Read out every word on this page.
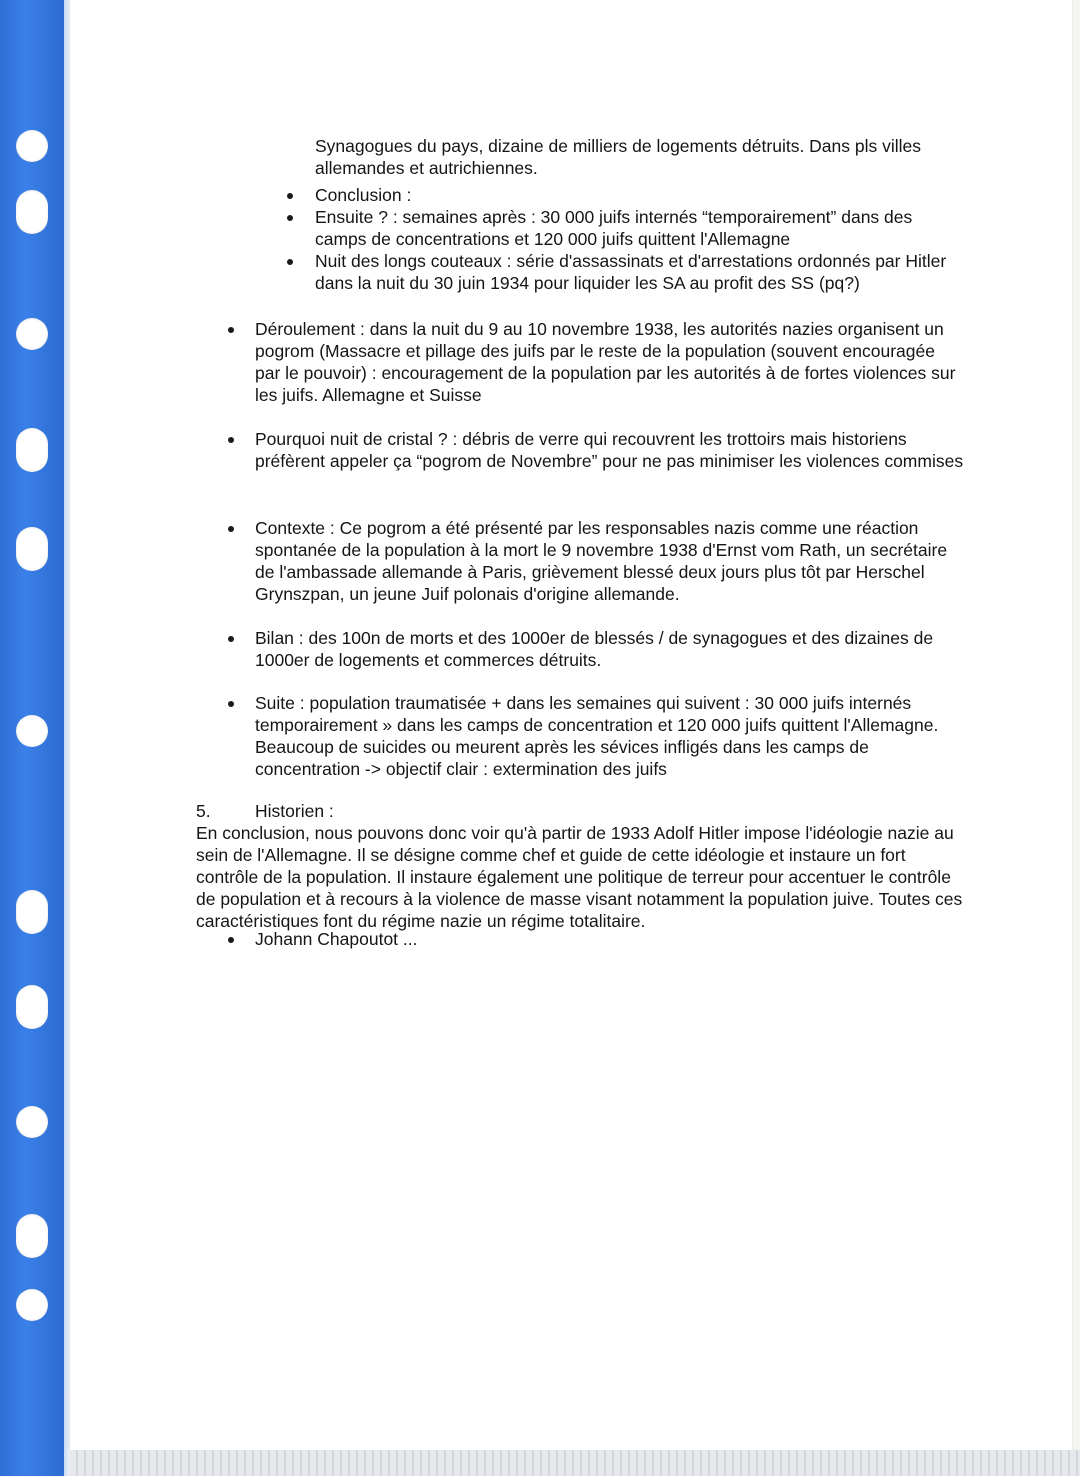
Synagogues du pays, dizaine de milliers de logements détruits. Dans pls villes allemandes et autrichiennes.
Conclusion :
Ensuite ? : semaines après : 30 000 juifs internés “temporairement” dans des camps de concentrations et 120 000 juifs quittent l'Allemagne
Nuit des longs couteaux : série d'assassinats et d'arrestations ordonnés par Hitler dans la nuit du 30 juin 1934 pour liquider les SA au profit des SS (pq?)
Déroulement : dans la nuit du 9 au 10 novembre 1938, les autorités nazies organisent un pogrom (Massacre et pillage des juifs par le reste de la population (souvent encouragée par le pouvoir) : encouragement de la population par les autorités à de fortes violences sur les juifs. Allemagne et Suisse
Pourquoi nuit de cristal ? : débris de verre qui recouvrent les trottoirs mais historiens préfèrent appeler ça “pogrom de Novembre” pour ne pas minimiser les violences commises
Contexte : Ce pogrom a été présenté par les responsables nazis comme une réaction spontanée de la population à la mort le 9 novembre 1938 d'Ernst vom Rath, un secrétaire de l'ambassade allemande à Paris, grièvement blessé deux jours plus tôt par Herschel Grynszpan, un jeune Juif polonais d'origine allemande.
Bilan : des 100n de morts et des 1000er de blessés / de synagogues et des dizaines de 1000er de logements et commerces détruits.
Suite : population traumatisée + dans les semaines qui suivent : 30 000 juifs internés temporairement » dans les camps de concentration et 120 000 juifs quittent l'Allemagne. Beaucoup de suicides ou meurent après les sévices infligés dans les camps de concentration -> objectif clair : extermination des juifs
5.	Historien :
En conclusion, nous pouvons donc voir qu'à partir de 1933 Adolf Hitler impose l'idéologie nazie au sein de l'Allemagne. Il se désigne comme chef et guide de cette idéologie et instaure un fort contrôle de la population. Il instaure également une politique de terreur pour accentuer le contrôle de population et à recours à la violence de masse visant notamment la population juive. Toutes ces caractéristiques font du régime nazie un régime totalitaire.
Johann Chapoutot ...
